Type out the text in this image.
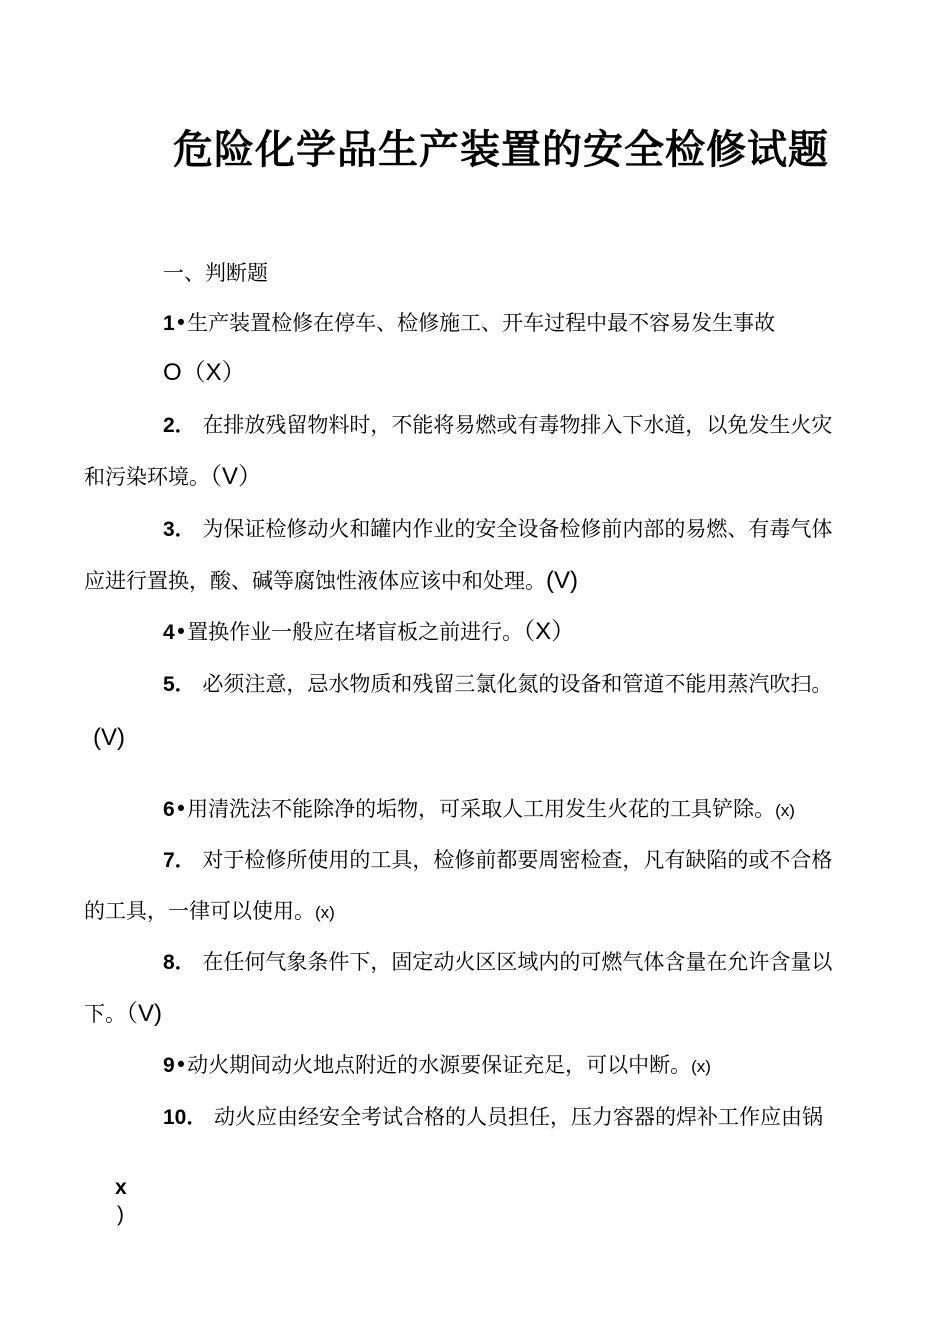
危险化学品生产装置的安全检修试题
一、判断题
1•生产装置检修在停车、检修施工、开车过程中最不容易发生事故
O（X）
2． 在排放残留物料时，不能将易燃或有毒物排入下水道，以免发生火灾
和污染环境。（V）
3． 为保证检修动火和罐内作业的安全设备检修前内部的易燃、有毒气体
应进行置换，酸、碱等腐蚀性液体应该中和处理。(V)
4•置换作业一般应在堵盲板之前进行。（X）
5． 必须注意，忌水物质和残留三氯化氮的设备和管道不能用蒸汽吹扫。
(V)
6•用清洗法不能除净的垢物，可采取人工用发生火花的工具铲除。(x)
7． 对于检修所使用的工具，检修前都要周密检查，凡有缺陷的或不合格
的工具，一律可以使用。(x)
8． 在任何气象条件下，固定动火区区域内的可燃气体含量在允许含量以
下。（V)
9•动火期间动火地点附近的水源要保证充足，可以中断。(x)
10． 动火应由经安全考试合格的人员担任，压力容器的焊补工作应由锅
x
)
